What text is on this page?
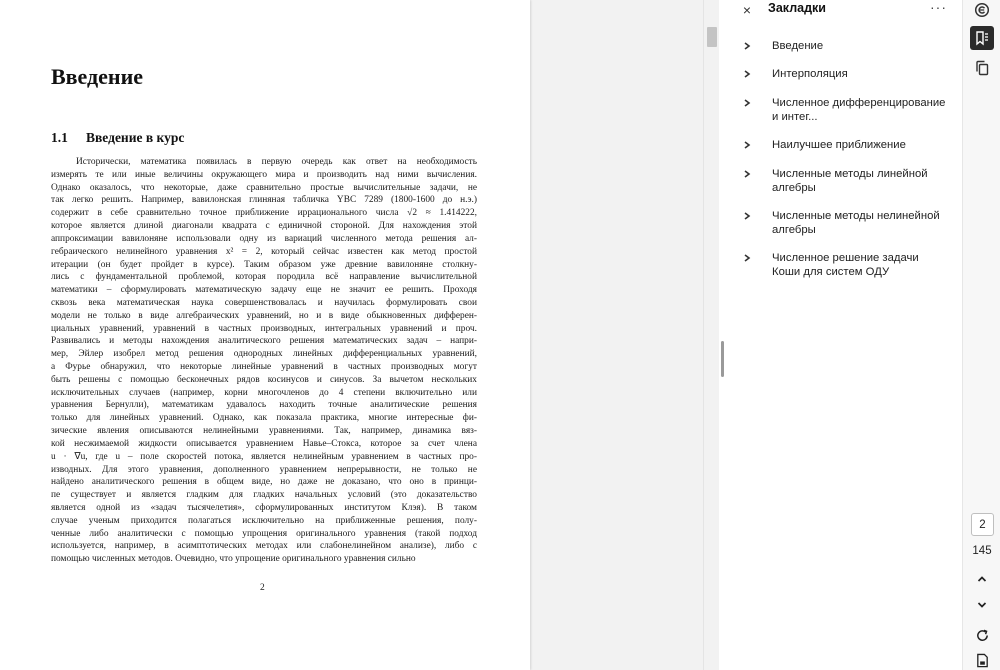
Введение
1.1 Введение в курс
Исторически, математика появилась в первую очередь как ответ на необходимость
измерять те или иные величины окружающего мира и производить над ними вычисления.
Однако оказалось, что некоторые, даже сравнительно простые вычислительные задачи, не
так легко решить. Например, вавилонская глиняная табличка YBC 7289 (1800-1600 до н.э.)
содержит в себе сравнительно точное приближение иррационального числа √2 ≈ 1.414222,
которое является длиной диагонали квадрата с единичной стороной. Для нахождения этой
аппроксимации вавилоняне использовали одну из вариаций численного метода решения ал-
гебраического нелинейного уравнения x² = 2, который сейчас известен как метод простой
итерации (он будет пройдет в курсе). Таким образом уже древние вавилоняне столкну-
лись с фундаментальной проблемой, которая породила всё направление вычислительной
математики – сформулировать математическую задачу еще не значит ее решить. Проходя
сквозь века математическая наука совершенствовалась и научилась формулировать свои
модели не только в виде алгебраических уравнений, но и в виде обыкновенных дифферен-
циальных уравнений, уравнений в частных производных, интегральных уравнений и проч.
Развивались и методы нахождения аналитического решения математических задач – напри-
мер, Эйлер изобрел метод решения однородных линейных дифференциальных уравнений,
а Фурье обнаружил, что некоторые линейные уравнений в частных производных могут
быть решены с помощью бесконечных рядов косинусов и синусов. За вычетом нескольких
исключительных случаев (например, корни многочленов до 4 степени включительно или
уравнения Бернулли), математикам удавалось находить точные аналитические решения
только для линейных уравнений. Однако, как показала практика, многие интересные фи-
зические явления описываются нелинейными уравнениями. Так, например, динамика вяз-
кой несжимаемой жидкости описывается уравнением Навье–Стокса, которое за счет члена
u · ∇u, где u – поле скоростей потока, является нелинейным уравнением в частных про-
изводных. Для этого уравнения, дополненного уравнением непрерывности, не только не
найдено аналитического решения в общем виде, но даже не доказано, что оно в принци-
пе существует и является гладким для гладких начальных условий (это доказательство
является одной из «задач тысячелетия», сформулированных институтом Клэя). В таком
случае ученым приходится полагаться исключительно на приближенные решения, полу-
ченные либо аналитически с помощью упрощения оригинального уравнения (такой подход
используется, например, в асимптотических методах или слабонелинейном анализе), либо с
помощью численных методов. Очевидно, что упрощение оригинального уравнения сильно
2
× Закладки	···
Введение
Интерполяция
Численное дифференцирование и интег...
Наилучшее приближение
Численные методы линейной алгебры
Численные методы нелинейной алгебры
Численное решение задачи Коши для систем ОДУ
2
145
